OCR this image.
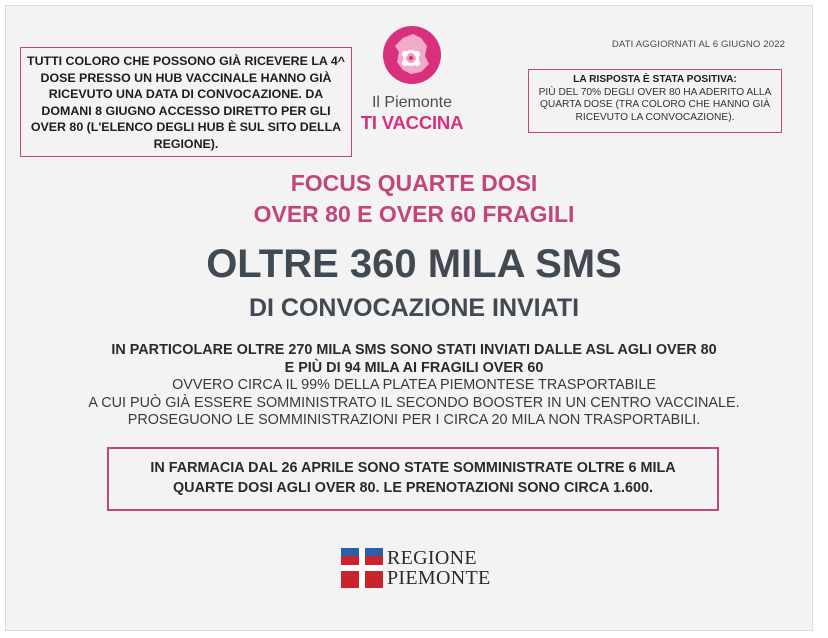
TUTTI COLORO CHE POSSONO GIÀ RICEVERE LA 4^ DOSE PRESSO UN HUB VACCINALE HANNO GIÀ RICEVUTO UNA DATA DI CONVOCAZIONE. DA DOMANI 8 GIUGNO ACCESSO DIRETTO PER GLI OVER 80 (L'ELENCO DEGLI HUB È SUL SITO DELLA REGIONE).
Il Piemonte
TI VACCINA
DATI AGGIORNATI AL 6 GIUGNO 2022
LA RISPOSTA È STATA POSITIVA:
PIÙ DEL 70% DEGLI OVER 80 HA ADERITO ALLA QUARTA DOSE (TRA COLORO CHE HANNO GIÀ RICEVUTO LA CONVOCAZIONE).
FOCUS QUARTE DOSI
OVER 80 E OVER 60 FRAGILI
OLTRE 360 MILA SMS
DI CONVOCAZIONE INVIATI
IN PARTICOLARE OLTRE 270 MILA SMS SONO STATI INVIATI DALLE ASL AGLI OVER 80
E PIÙ DI 94 MILA AI FRAGILI OVER 60
OVVERO CIRCA IL 99% DELLA PLATEA PIEMONTESE TRASPORTABILE
A CUI PUÒ GIÀ ESSERE SOMMINISTRATO IL SECONDO BOOSTER IN UN CENTRO VACCINALE.
PROSEGUONO LE SOMMINISTRAZIONI PER I CIRCA 20 MILA NON TRASPORTABILI.
IN FARMACIA DAL 26 APRILE SONO STATE SOMMINISTRATE OLTRE 6 MILA
QUARTE DOSI AGLI OVER 80. LE PRENOTAZIONI SONO CIRCA 1.600.
REGIONE
PIEMONTE
